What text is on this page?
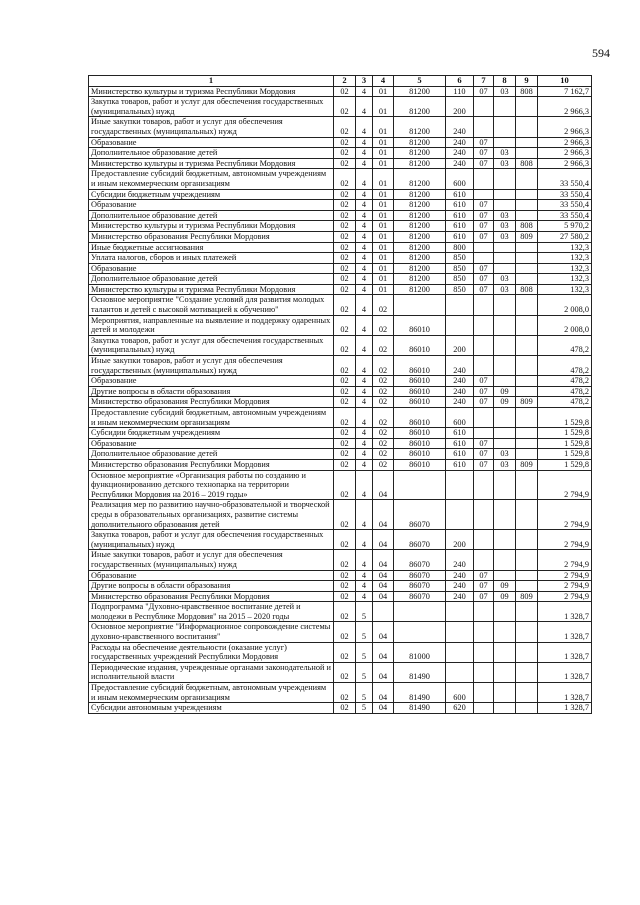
594
1	2	3	4	5	6	7	8	9	10
Министерство культуры и туризма Республики Мордовия	02	4	01	81200	110	07	03	808	7 162,7
Закупка товаров, работ и услуг для обеспечения государственных (муниципальных) нужд	02	4	01	81200	200				2 966,3
Иные закупки товаров, работ и услуг для обеспечения государственных (муниципальных) нужд	02	4	01	81200	240				2 966,3
Образование	02	4	01	81200	240	07			2 966,3
Дополнительное образование детей	02	4	01	81200	240	07	03		2 966,3
Министерство культуры и туризма Республики Мордовия	02	4	01	81200	240	07	03	808	2 966,3
Предоставление субсидий бюджетным, автономным учреждениям и иным некоммерческим организациям	02	4	01	81200	600				33 550,4
Субсидии бюджетным учреждениям	02	4	01	81200	610				33 550,4
Образование	02	4	01	81200	610	07			33 550,4
Дополнительное образование детей	02	4	01	81200	610	07	03		33 550,4
Министерство культуры и туризма Республики Мордовия	02	4	01	81200	610	07	03	808	5 970,2
Министерство образования Республики Мордовия	02	4	01	81200	610	07	03	809	27 580,2
Иные бюджетные ассигнования	02	4	01	81200	800				132,3
Уплата налогов, сборов и иных платежей	02	4	01	81200	850				132,3
Образование	02	4	01	81200	850	07			132,3
Дополнительное образование детей	02	4	01	81200	850	07	03		132,3
Министерство культуры и туризма Республики Мордовия	02	4	01	81200	850	07	03	808	132,3
Основное мероприятие "Создание условий для развития молодых талантов и детей с высокой мотивацией к обучению"	02	4	02						2 008,0
Мероприятия, направленные на выявление и поддержку одаренных детей и молодежи	02	4	02	86010					2 008,0
Закупка товаров, работ и услуг для обеспечения государственных (муниципальных) нужд	02	4	02	86010	200				478,2
Иные закупки товаров, работ и услуг для обеспечения государственных (муниципальных) нужд	02	4	02	86010	240				478,2
Образование	02	4	02	86010	240	07			478,2
Другие вопросы в области образования	02	4	02	86010	240	07	09		478,2
Министерство образования Республики Мордовия	02	4	02	86010	240	07	09	809	478,2
Предоставление субсидий бюджетным, автономным учреждениям и иным некоммерческим организациям	02	4	02	86010	600				1 529,8
Субсидии бюджетным учреждениям	02	4	02	86010	610				1 529,8
Образование	02	4	02	86010	610	07			1 529,8
Дополнительное образование детей	02	4	02	86010	610	07	03		1 529,8
Министерство образования Республики Мордовия	02	4	02	86010	610	07	03	809	1 529,8
Основное мероприятие «Организация работы по созданию и функционированию детского технопарка на территории Республики Мордовия на 2016 – 2019 годы»	02	4	04						2 794,9
Реализация мер по развитию научно-образовательной и творческой среды в образовательных организациях, развитие системы дополнительного образования детей	02	4	04	86070					2 794,9
Закупка товаров, работ и услуг для обеспечения государственных (муниципальных) нужд	02	4	04	86070	200				2 794,9
Иные закупки товаров, работ и услуг для обеспечения государственных (муниципальных) нужд	02	4	04	86070	240				2 794,9
Образование	02	4	04	86070	240	07			2 794,9
Другие вопросы в области образования	02	4	04	86070	240	07	09		2 794,9
Министерство образования Республики Мордовия	02	4	04	86070	240	07	09	809	2 794,9
Подпрограмма "Духовно-нравственное воспитание детей и молодежи в Республике Мордовия" на 2015 – 2020 годы	02	5							1 328,7
Основное мероприятие "Информационное сопровождение системы духовно-нравственного воспитания"	02	5	04						1 328,7
Расходы на обеспечение деятельности (оказание услуг) государственных учреждений Республики Мордовия	02	5	04	81000					1 328,7
Периодические издания, учрежденные органами законодательной и исполнительной власти	02	5	04	81490					1 328,7
Предоставление субсидий бюджетным, автономным учреждениям и иным некоммерческим организациям	02	5	04	81490	600				1 328,7
Субсидии автономным учреждениям	02	5	04	81490	620				1 328,7
